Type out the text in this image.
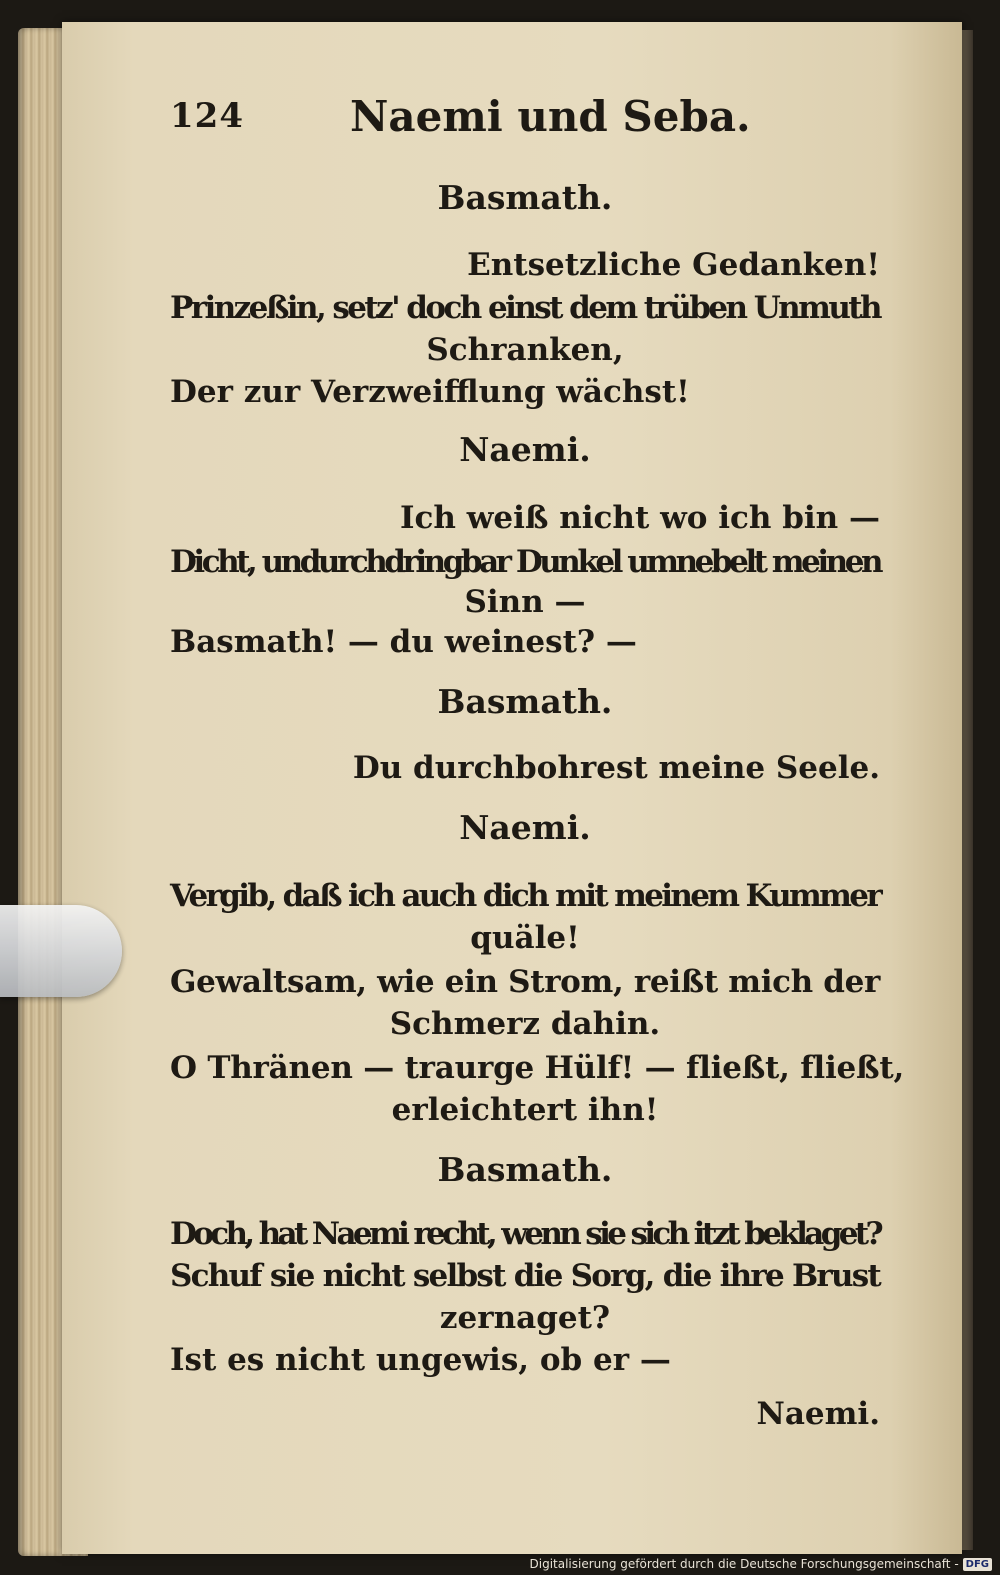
124	Naemi und Seba.
Basmath.
Entsetzliche Gedanken!
Prinzeßin, setz' doch einst dem trüben Unmuth
Schranken,
Der zur Verzweifflung wächst!
Naemi.
Ich weiß nicht wo ich bin —
Dicht, undurchdringbar Dunkel umnebelt meinen
Sinn —
Basmath! — du weinest? —
Basmath.
Du durchbohrest meine Seele.
Naemi.
Vergib, daß ich auch dich mit meinem Kummer
quäle!
Gewaltsam, wie ein Strom, reißt mich der
Schmerz dahin.
O Thränen — traurge Hülf! — fließt, fließt,
erleichtert ihn!
Basmath.
Doch, hat Naemi recht, wenn sie sich itzt beklaget?
Schuf sie nicht selbst die Sorg, die ihre Brust
zernaget?
Ist es nicht ungewis, ob er —
Naemi.
Digitalisierung gefördert durch die Deutsche Forschungsgemeinschaft - DFG
